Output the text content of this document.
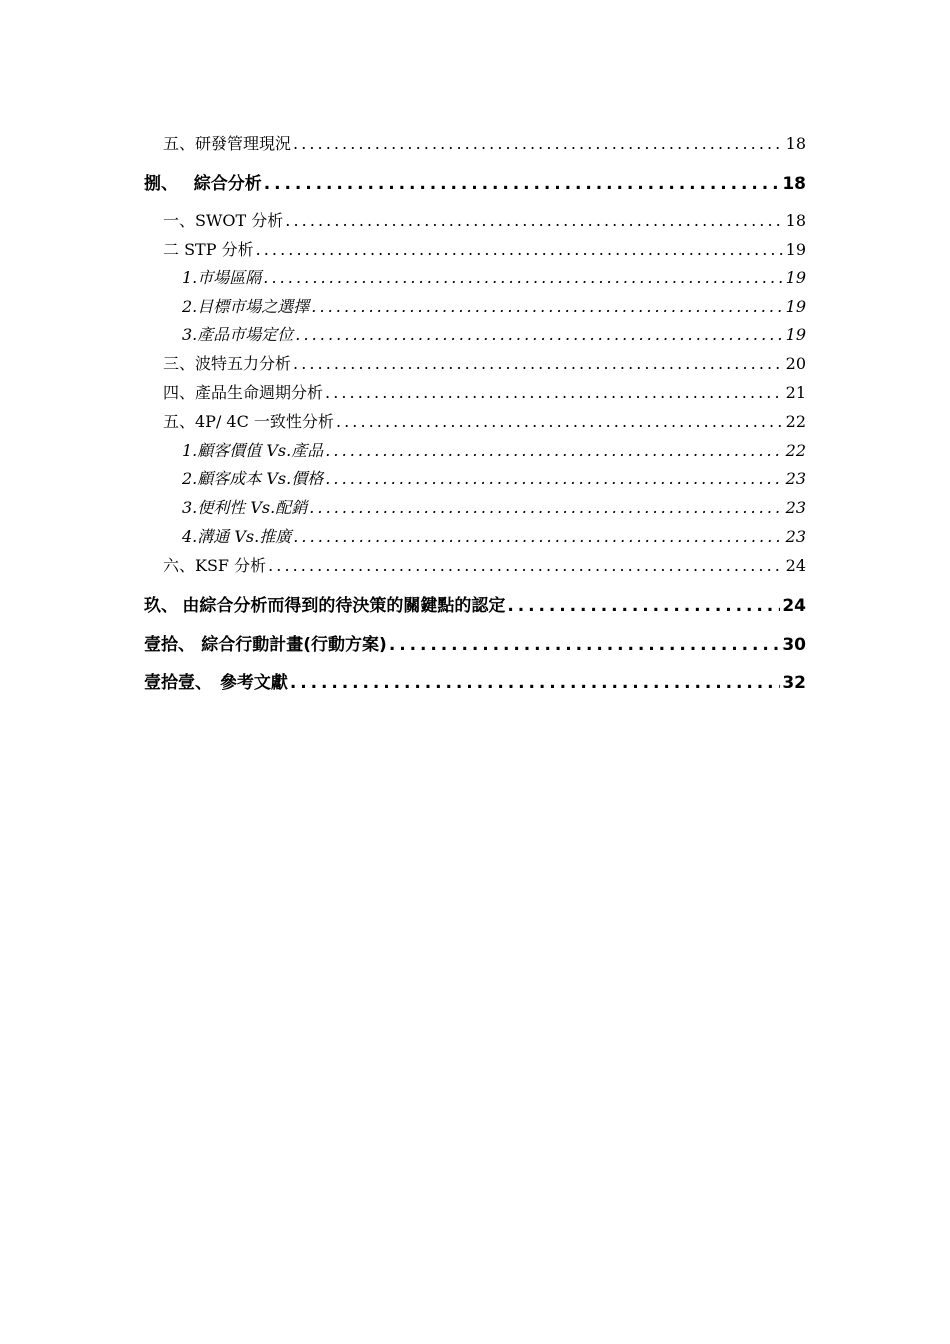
五、研發管理現況 . . .	18
捌、 綜合分析 . . .	18
一、SWOT 分析 . . .	18
二 STP 分析 . . .	19
1.市場區隔 . . .	19
2.目標市場之選擇 . . .	19
3.產品市場定位 . . .	19
三、波特五力分析 . . .	20
四、產品生命週期分析 . . .	21
五、4P/ 4C 一致性分析 . . .	22
1.顧客價值 Vs.產品 . . .	22
2.顧客成本 Vs.價格 . . .	23
3.便利性 Vs.配銷 . . .	23
4.溝通 Vs.推廣 . . .	23
六、KSF 分析 . . .	24
玖、 由綜合分析而得到的待決策的關鍵點的認定 . . .	24
壹拾、 綜合行動計畫(行動方案) . . .	30
壹拾壹、 參考文獻 . . .	32
